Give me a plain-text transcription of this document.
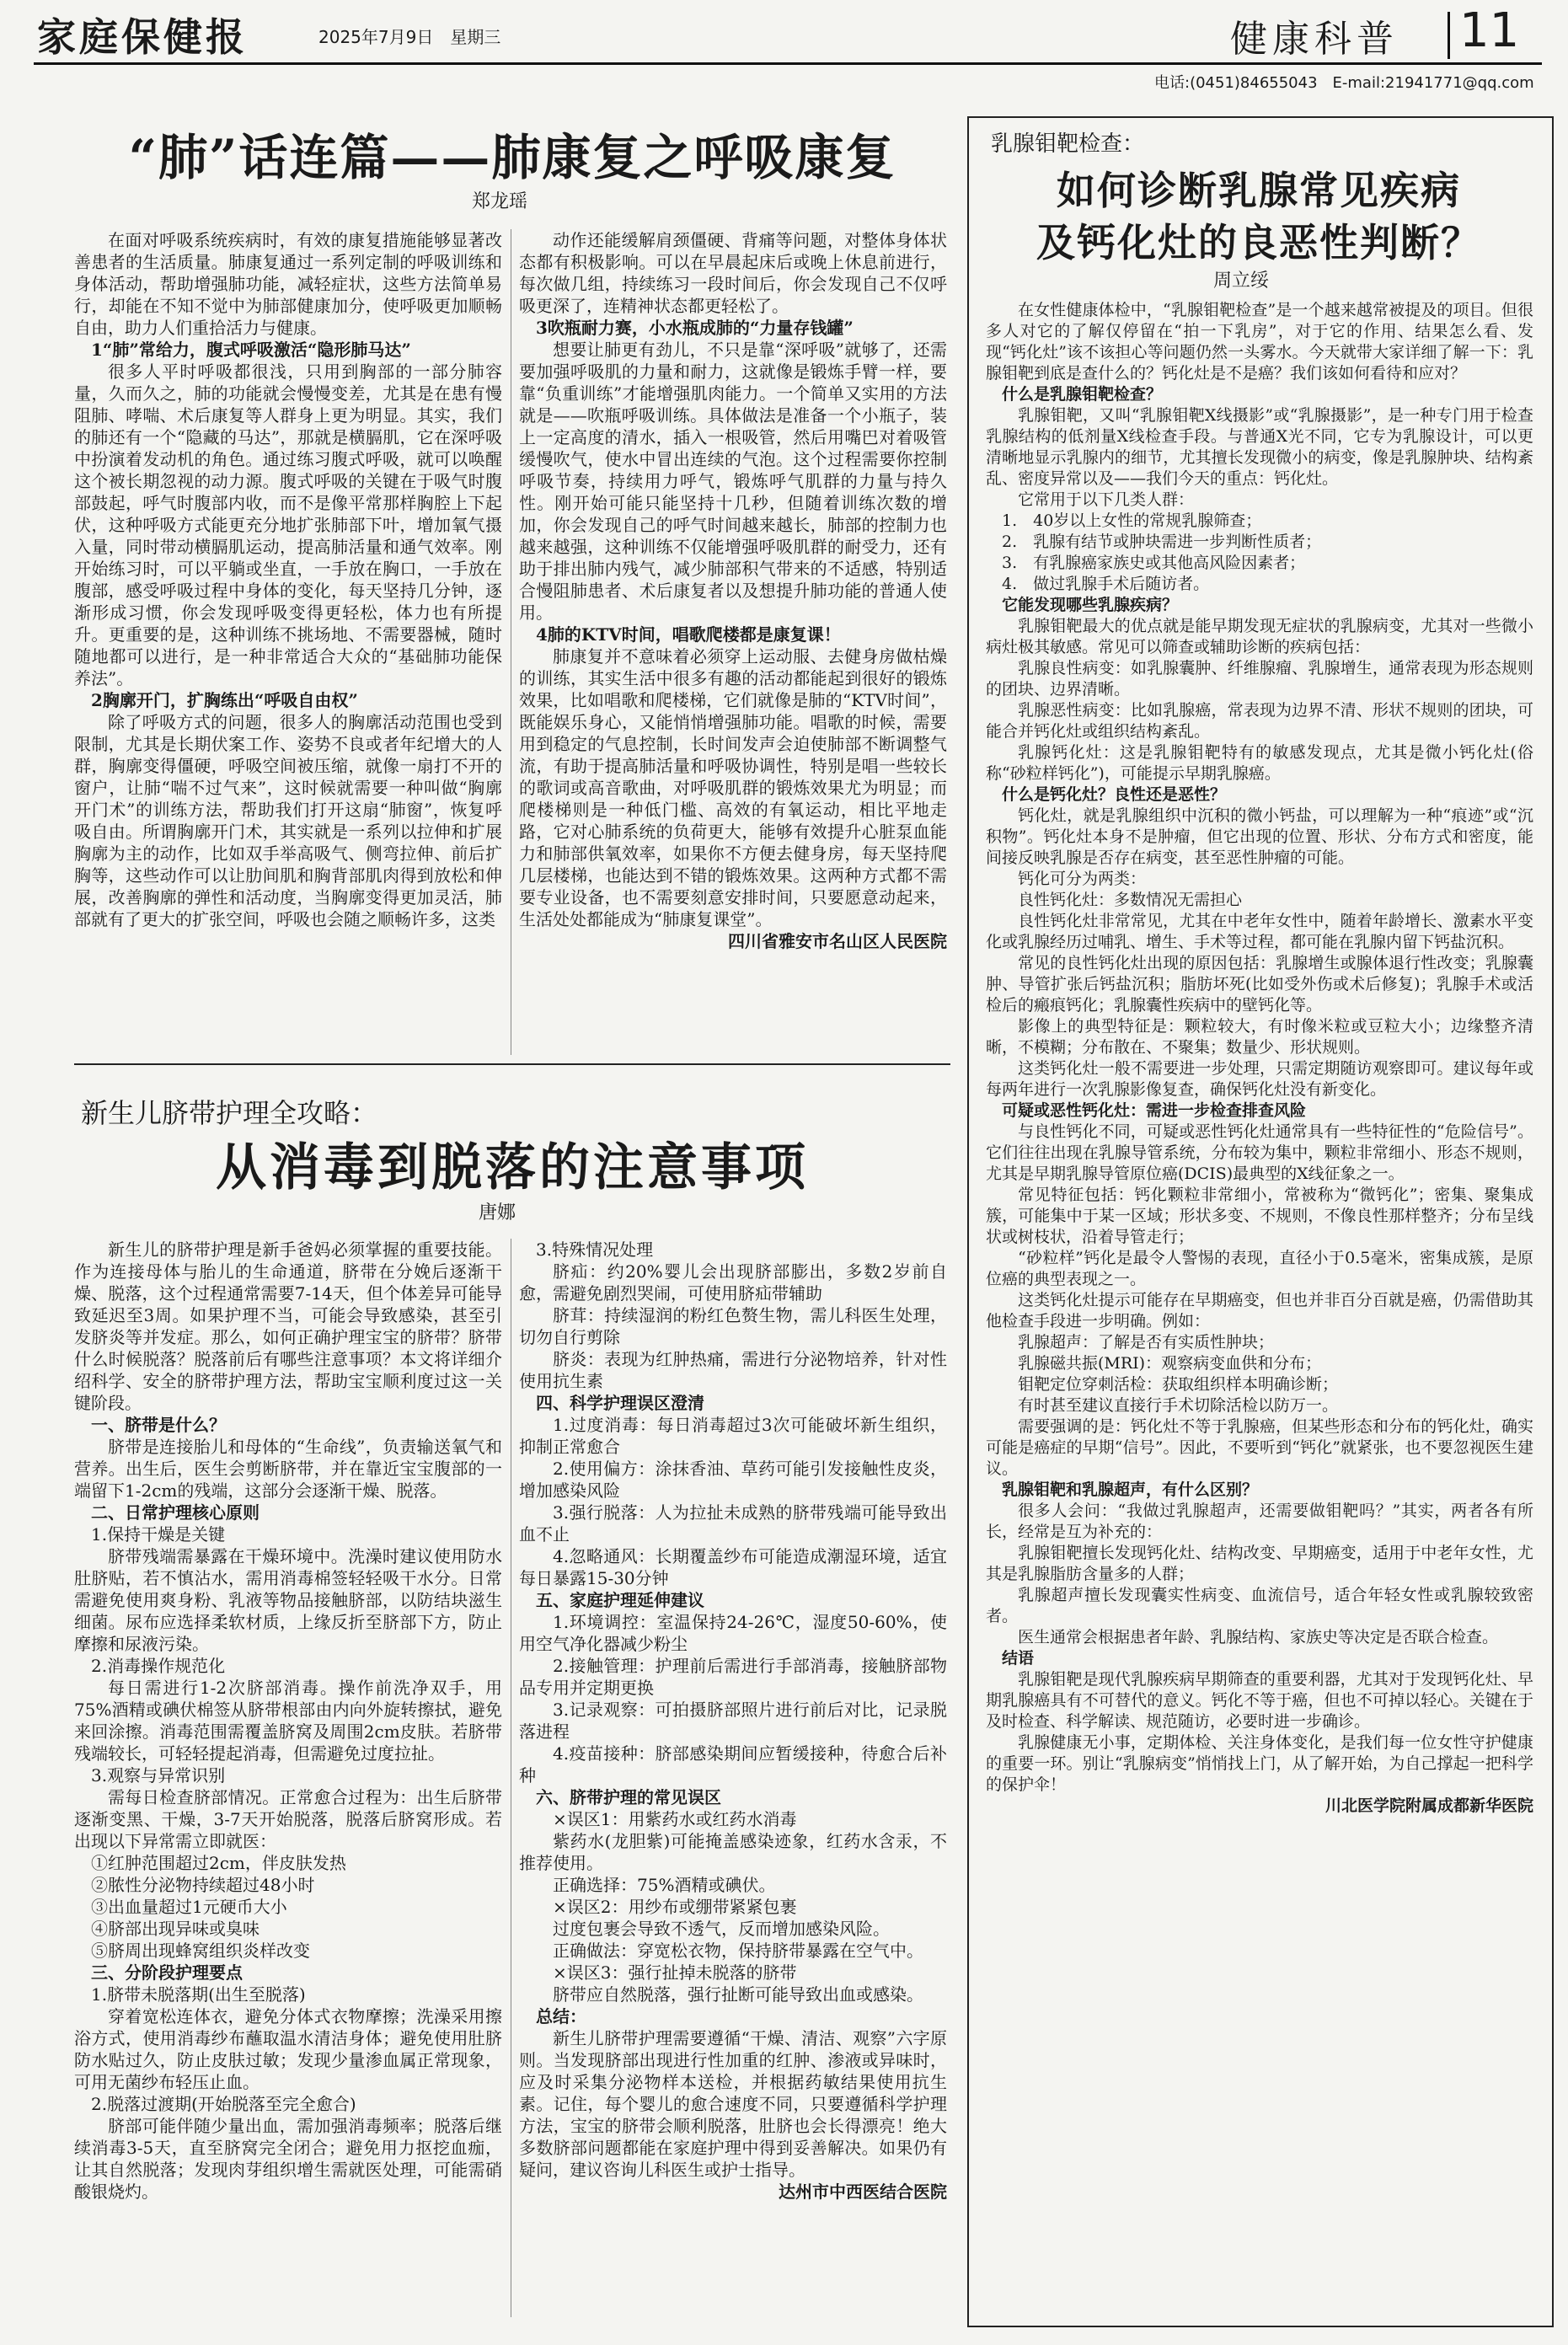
家庭保健报	2025年7月9日　星期三	健康科普 11
电话:(0451)84655043　E-mail:21941771@qq.com
“肺”话连篇——肺康复之呼吸康复
郑龙瑶

在面对呼吸系统疾病时，有效的康复措施能够显著改善患者的生活质量。肺康复通过一系列定制的呼吸训练和身体活动，帮助增强肺功能，减轻症状，这些方法简单易行，却能在不知不觉中为肺部健康加分，使呼吸更加顺畅自由，助力人们重拾活力与健康。

1“肺”常给力，腹式呼吸激活“隐形肺马达”

很多人平时呼吸都很浅，只用到胸部的一部分肺容量，久而久之，肺的功能就会慢慢变差，尤其是在患有慢阻肺、哮喘、术后康复等人群身上更为明显。其实，我们的肺还有一个“隐藏的马达”，那就是横膈肌，它在深呼吸中扮演着发动机的角色。通过练习腹式呼吸，就可以唤醒这个被长期忽视的动力源。腹式呼吸的关键在于吸气时腹部鼓起，呼气时腹部内收，而不是像平常那样胸腔上下起伏，这种呼吸方式能更充分地扩张肺部下叶，增加氧气摄入量，同时带动横膈肌运动，提高肺活量和通气效率。刚开始练习时，可以平躺或坐直，一手放在胸口，一手放在腹部，感受呼吸过程中身体的变化，每天坚持几分钟，逐渐形成习惯，你会发现呼吸变得更轻松，体力也有所提升。更重要的是，这种训练不挑场地、不需要器械，随时随地都可以进行，是一种非常适合大众的“基础肺功能保养法”。

2胸廓开门，扩胸练出“呼吸自由权”

除了呼吸方式的问题，很多人的胸廓活动范围也受到限制，尤其是长期伏案工作、姿势不良或者年纪增大的人群，胸廓变得僵硬，呼吸空间被压缩，就像一扇打不开的窗户，让肺“喘不过气来”，这时候就需要一种叫做“胸廓开门术”的训练方法，帮助我们打开这扇“肺窗”，恢复呼吸自由。所谓胸廓开门术，其实就是一系列以拉伸和扩展胸廓为主的动作，比如双手举高吸气、侧弯拉伸、前后扩胸等，这些动作可以让肋间肌和胸背部肌肉得到放松和伸展，改善胸廓的弹性和活动度，当胸廓变得更加灵活，肺部就有了更大的扩张空间，呼吸也会随之顺畅许多，这类

动作还能缓解肩颈僵硬、背痛等问题，对整体身体状态都有积极影响。可以在早晨起床后或晚上休息前进行，每次做几组，持续练习一段时间后，你会发现自己不仅呼吸更深了，连精神状态都更轻松了。

3吹瓶耐力赛，小水瓶成肺的“力量存钱罐”

想要让肺更有劲儿，不只是靠“深呼吸”就够了，还需要加强呼吸肌的力量和耐力，这就像是锻炼手臂一样，要靠“负重训练”才能增强肌肉能力。一个简单又实用的方法就是——吹瓶呼吸训练。具体做法是准备一个小瓶子，装上一定高度的清水，插入一根吸管，然后用嘴巴对着吸管缓慢吹气，使水中冒出连续的气泡。这个过程需要你控制呼吸节奏，持续用力呼气，锻炼呼气肌群的力量与持久性。刚开始可能只能坚持十几秒，但随着训练次数的增加，你会发现自己的呼气时间越来越长，肺部的控制力也越来越强，这种训练不仅能增强呼吸肌群的耐受力，还有助于排出肺内残气，减少肺部积气带来的不适感，特别适合慢阻肺患者、术后康复者以及想提升肺功能的普通人使用。

4肺的KTV时间，唱歌爬楼都是康复课！

肺康复并不意味着必须穿上运动服、去健身房做枯燥的训练，其实生活中很多有趣的活动都能起到很好的锻炼效果，比如唱歌和爬楼梯，它们就像是肺的“KTV时间”，既能娱乐身心，又能悄悄增强肺功能。唱歌的时候，需要用到稳定的气息控制，长时间发声会迫使肺部不断调整气流，有助于提高肺活量和呼吸协调性，特别是唱一些较长的歌词或高音歌曲，对呼吸肌群的锻炼效果尤为明显；而爬楼梯则是一种低门槛、高效的有氧运动，相比平地走路，它对心肺系统的负荷更大，能够有效提升心脏泵血能力和肺部供氧效率，如果你不方便去健身房，每天坚持爬几层楼梯，也能达到不错的锻炼效果。这两种方式都不需要专业设备，也不需要刻意安排时间，只要愿意动起来，生活处处都能成为“肺康复课堂”。

四川省雅安市名山区人民医院

新生儿脐带护理全攻略：
从消毒到脱落的注意事项
唐娜

新生儿的脐带护理是新手爸妈必须掌握的重要技能。作为连接母体与胎儿的生命通道，脐带在分娩后逐渐干燥、脱落，这个过程通常需要7-14天，但个体差异可能导致延迟至3周。如果护理不当，可能会导致感染，甚至引发脐炎等并发症。那么，如何正确护理宝宝的脐带？脐带什么时候脱落？脱落前后有哪些注意事项？本文将详细介绍科学、安全的脐带护理方法，帮助宝宝顺利度过这一关键阶段。

一、脐带是什么？

脐带是连接胎儿和母体的“生命线”，负责输送氧气和营养。出生后，医生会剪断脐带，并在靠近宝宝腹部的一端留下1-2cm的残端，这部分会逐渐干燥、脱落。

二、日常护理核心原则

1.保持干燥是关键

脐带残端需暴露在干燥环境中。洗澡时建议使用防水肚脐贴，若不慎沾水，需用消毒棉签轻轻吸干水分。日常需避免使用爽身粉、乳液等物品接触脐部，以防结块滋生细菌。尿布应选择柔软材质，上缘反折至脐部下方，防止摩擦和尿液污染。

2.消毒操作规范化

每日需进行1-2次脐部消毒。操作前洗净双手，用75%酒精或碘伏棉签从脐带根部由内向外旋转擦拭，避免来回涂擦。消毒范围需覆盖脐窝及周围2cm皮肤。若脐带残端较长，可轻轻提起消毒，但需避免过度拉扯。

3.观察与异常识别

需每日检查脐部情况。正常愈合过程为：出生后脐带逐渐变黑、干燥，3-7天开始脱落，脱落后脐窝形成。若出现以下异常需立即就医：

①红肿范围超过2cm，伴皮肤发热

②脓性分泌物持续超过48小时

③出血量超过1元硬币大小

④脐部出现异味或臭味

⑤脐周出现蜂窝组织炎样改变

三、分阶段护理要点

1.脐带未脱落期(出生至脱落)

穿着宽松连体衣，避免分体式衣物摩擦；洗澡采用擦浴方式，使用消毒纱布蘸取温水清洁身体；避免使用肚脐防水贴过久，防止皮肤过敏；发现少量渗血属正常现象，可用无菌纱布轻压止血。

2.脱落过渡期(开始脱落至完全愈合)

脐部可能伴随少量出血，需加强消毒频率；脱落后继续消毒3-5天，直至脐窝完全闭合；避免用力抠挖血痂，让其自然脱落；发现肉芽组织增生需就医处理，可能需硝酸银烧灼。

3.特殊情况处理

脐疝：约20%婴儿会出现脐部膨出，多数2岁前自愈，需避免剧烈哭闹，可使用脐疝带辅助

脐茸：持续湿润的粉红色赘生物，需儿科医生处理，切勿自行剪除

脐炎：表现为红肿热痛，需进行分泌物培养，针对性使用抗生素

四、科学护理误区澄清

1.过度消毒：每日消毒超过3次可能破坏新生组织，抑制正常愈合

2.使用偏方：涂抹香油、草药可能引发接触性皮炎，增加感染风险

3.强行脱落：人为拉扯未成熟的脐带残端可能导致出血不止

4.忽略通风：长期覆盖纱布可能造成潮湿环境，适宜每日暴露15-30分钟

五、家庭护理延伸建议

1.环境调控：室温保持24-26℃，湿度50-60%，使用空气净化器减少粉尘

2.接触管理：护理前后需进行手部消毒，接触脐部物品专用并定期更换

3.记录观察：可拍摄脐部照片进行前后对比，记录脱落进程

4.疫苗接种：脐部感染期间应暂缓接种，待愈合后补种

六、脐带护理的常见误区

×误区1：用紫药水或红药水消毒

紫药水(龙胆紫)可能掩盖感染迹象，红药水含汞，不推荐使用。

正确选择：75%酒精或碘伏。

×误区2：用纱布或绷带紧紧包裹

过度包裹会导致不透气，反而增加感染风险。

正确做法：穿宽松衣物，保持脐带暴露在空气中。

×误区3：强行扯掉未脱落的脐带

脐带应自然脱落，强行扯断可能导致出血或感染。

总结：

新生儿脐带护理需要遵循“干燥、清洁、观察”六字原则。当发现脐部出现进行性加重的红肿、渗液或异味时，应及时采集分泌物样本送检，并根据药敏结果使用抗生素。记住，每个婴儿的愈合速度不同，只要遵循科学护理方法，宝宝的脐带会顺利脱落，肚脐也会长得漂亮！绝大多数脐部问题都能在家庭护理中得到妥善解决。如果仍有疑问，建议咨询儿科医生或护士指导。

达州市中西医结合医院

乳腺钼靶检查：
如何诊断乳腺常见疾病
及钙化灶的良恶性判断？
周立绥

在女性健康体检中，“乳腺钼靶检查”是一个越来越常被提及的项目。但很多人对它的了解仅停留在“拍一下乳房”，对于它的作用、结果怎么看、发现“钙化灶”该不该担心等问题仍然一头雾水。今天就带大家详细了解一下：乳腺钼靶到底是查什么的？钙化灶是不是癌？我们该如何看待和应对？

什么是乳腺钼靶检查？

乳腺钼靶，又叫“乳腺钼靶X线摄影”或“乳腺摄影”，是一种专门用于检查乳腺结构的低剂量X线检查手段。与普通X光不同，它专为乳腺设计，可以更清晰地显示乳腺内的细节，尤其擅长发现微小的病变，像是乳腺肿块、结构紊乱、密度异常以及——我们今天的重点：钙化灶。

它常用于以下几类人群：

1.　40岁以上女性的常规乳腺筛查；

2.　乳腺有结节或肿块需进一步判断性质者；

3.　有乳腺癌家族史或其他高风险因素者；

4.　做过乳腺手术后随访者。

它能发现哪些乳腺疾病？

乳腺钼靶最大的优点就是能早期发现无症状的乳腺病变，尤其对一些微小病灶极其敏感。常见可以筛查或辅助诊断的疾病包括：

乳腺良性病变：如乳腺囊肿、纤维腺瘤、乳腺增生，通常表现为形态规则的团块、边界清晰。

乳腺恶性病变：比如乳腺癌，常表现为边界不清、形状不规则的团块，可能合并钙化灶或组织结构紊乱。

乳腺钙化灶：这是乳腺钼靶特有的敏感发现点，尤其是微小钙化灶(俗称“砂粒样钙化”)，可能提示早期乳腺癌。

什么是钙化灶？良性还是恶性？

钙化灶，就是乳腺组织中沉积的微小钙盐，可以理解为一种“痕迹”或“沉积物”。钙化灶本身不是肿瘤，但它出现的位置、形状、分布方式和密度，能间接反映乳腺是否存在病变，甚至恶性肿瘤的可能。

钙化可分为两类：

良性钙化灶：多数情况无需担心

良性钙化灶非常常见，尤其在中老年女性中，随着年龄增长、激素水平变化或乳腺经历过哺乳、增生、手术等过程，都可能在乳腺内留下钙盐沉积。

常见的良性钙化灶出现的原因包括：乳腺增生或腺体退行性改变；乳腺囊肿、导管扩张后钙盐沉积；脂肪坏死(比如受外伤或术后修复)；乳腺手术或活检后的瘢痕钙化；乳腺囊性疾病中的壁钙化等。

影像上的典型特征是：颗粒较大，有时像米粒或豆粒大小；边缘整齐清晰，不模糊；分布散在、不聚集；数量少、形状规则。

这类钙化灶一般不需要进一步处理，只需定期随访观察即可。建议每年或每两年进行一次乳腺影像复查，确保钙化灶没有新变化。

可疑或恶性钙化灶：需进一步检查排查风险

与良性钙化不同，可疑或恶性钙化灶通常具有一些特征性的“危险信号”。它们往往出现在乳腺导管系统，分布较为集中，颗粒非常细小、形态不规则，尤其是早期乳腺导管原位癌(DCIS)最典型的X线征象之一。

常见特征包括：钙化颗粒非常细小，常被称为“微钙化”；密集、聚集成簇，可能集中于某一区域；形状多变、不规则，不像良性那样整齐；分布呈线状或树枝状，沿着导管走行；

“砂粒样”钙化是最令人警惕的表现，直径小于0.5毫米，密集成簇，是原位癌的典型表现之一。

这类钙化灶提示可能存在早期癌变，但也并非百分百就是癌，仍需借助其他检查手段进一步明确。例如：

乳腺超声：了解是否有实质性肿块；

乳腺磁共振(MRI)：观察病变血供和分布；

钼靶定位穿刺活检：获取组织样本明确诊断；

有时甚至建议直接行手术切除活检以防万一。

需要强调的是：钙化灶不等于乳腺癌，但某些形态和分布的钙化灶，确实可能是癌症的早期“信号”。因此，不要听到“钙化”就紧张，也不要忽视医生建议。

乳腺钼靶和乳腺超声，有什么区别？

很多人会问：“我做过乳腺超声，还需要做钼靶吗？”其实，两者各有所长，经常是互为补充的：

乳腺钼靶擅长发现钙化灶、结构改变、早期癌变，适用于中老年女性，尤其是乳腺脂肪含量多的人群；

乳腺超声擅长发现囊实性病变、血流信号，适合年轻女性或乳腺较致密者。

医生通常会根据患者年龄、乳腺结构、家族史等决定是否联合检查。

结语

乳腺钼靶是现代乳腺疾病早期筛查的重要利器，尤其对于发现钙化灶、早期乳腺癌具有不可替代的意义。钙化不等于癌，但也不可掉以轻心。关键在于及时检查、科学解读、规范随访，必要时进一步确诊。

乳腺健康无小事，定期体检、关注身体变化，是我们每一位女性守护健康的重要一环。别让“乳腺病变”悄悄找上门，从了解开始，为自己撑起一把科学的保护伞！

川北医学院附属成都新华医院
